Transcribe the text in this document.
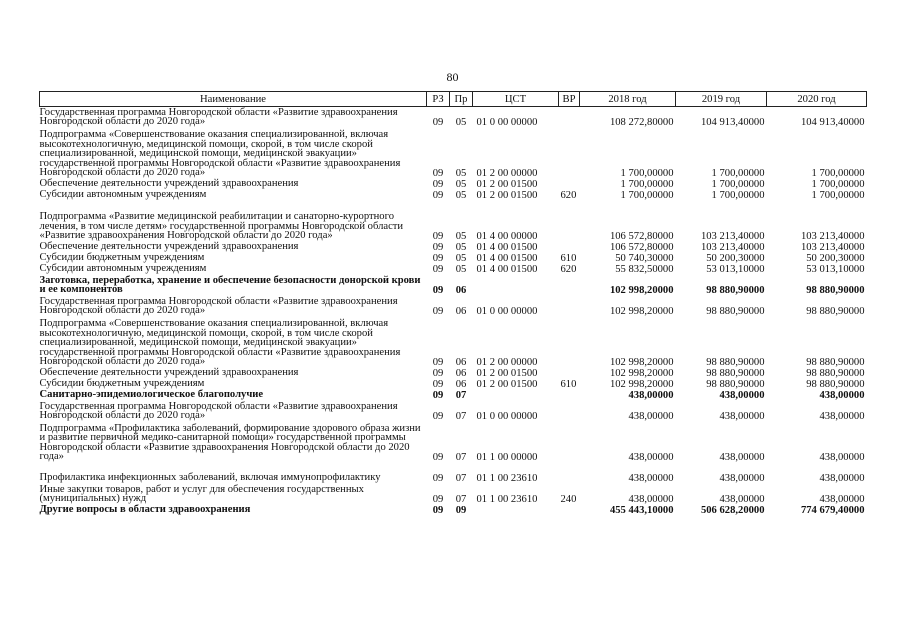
80
Наименование	РЗ	Пр	ЦСТ	ВР	2018 год	2019 год	2020 год
Государственная программа Новгородской области «Развитие здравоохранения Новгородской области до 2020 года»	09	05	01 0 00 00000		108 272,80000	104 913,40000	104 913,40000
Подпрограмма «Совершенствование оказания специализированной, включая высокотехнологичную, медицинской помощи, скорой, в том числе скорой специализированной, медицинской помощи, медицинской эвакуации» государственной программы Новгородской области «Развитие здравоохранения Новгородской области до 2020 года»	09	05	01 2 00 00000		1 700,00000	1 700,00000	1 700,00000
Обеспечение деятельности учреждений здравоохранения	09	05	01 2 00 01500		1 700,00000	1 700,00000	1 700,00000
Субсидии автономным учреждениям	09	05	01 2 00 01500	620	1 700,00000	1 700,00000	1 700,00000
Подпрограмма «Развитие медицинской реабилитации и санаторно-курортного лечения, в том числе детям» государственной программы Новгородской области «Развитие здравоохранения Новгородской области до 2020 года»	09	05	01 4 00 00000		106 572,80000	103 213,40000	103 213,40000
Обеспечение деятельности учреждений здравоохранения	09	05	01 4 00 01500		106 572,80000	103 213,40000	103 213,40000
Субсидии бюджетным учреждениям	09	05	01 4 00 01500	610	50 740,30000	50 200,30000	50 200,30000
Субсидии автономным учреждениям	09	05	01 4 00 01500	620	55 832,50000	53 013,10000	53 013,10000
Заготовка, переработка, хранение и обеспечение безопасности донорской крови и ее компонентов	09	06			102 998,20000	98 880,90000	98 880,90000
Государственная программа Новгородской области «Развитие здравоохранения Новгородской области до 2020 года»	09	06	01 0 00 00000		102 998,20000	98 880,90000	98 880,90000
Подпрограмма «Совершенствование оказания специализированной, включая высокотехнологичную, медицинской помощи, скорой, в том числе скорой специализированной, медицинской помощи, медицинской эвакуации» государственной программы Новгородской области «Развитие здравоохранения Новгородской области до 2020 года»	09	06	01 2 00 00000		102 998,20000	98 880,90000	98 880,90000
Обеспечение деятельности учреждений здравоохранения	09	06	01 2 00 01500		102 998,20000	98 880,90000	98 880,90000
Субсидии бюджетным учреждениям	09	06	01 2 00 01500	610	102 998,20000	98 880,90000	98 880,90000
Санитарно-эпидемиологическое благополучие	09	07			438,00000	438,00000	438,00000
Государственная программа Новгородской области «Развитие здравоохранения Новгородской области до 2020 года»	09	07	01 0 00 00000		438,00000	438,00000	438,00000
Подпрограмма «Профилактика заболеваний, формирование здорового образа жизни и развитие первичной медико-санитарной помощи» государственной программы Новгородской области «Развитие здравоохранения Новгородской области до 2020 года»	09	07	01 1 00 00000		438,00000	438,00000	438,00000
Профилактика инфекционных заболеваний, включая иммунопрофилактику	09	07	01 1 00 23610		438,00000	438,00000	438,00000
Иные закупки товаров, работ и услуг для обеспечения государственных (муниципальных) нужд	09	07	01 1 00 23610	240	438,00000	438,00000	438,00000
Другие вопросы в области здравоохранения	09	09			455 443,10000	506 628,20000	774 679,40000
